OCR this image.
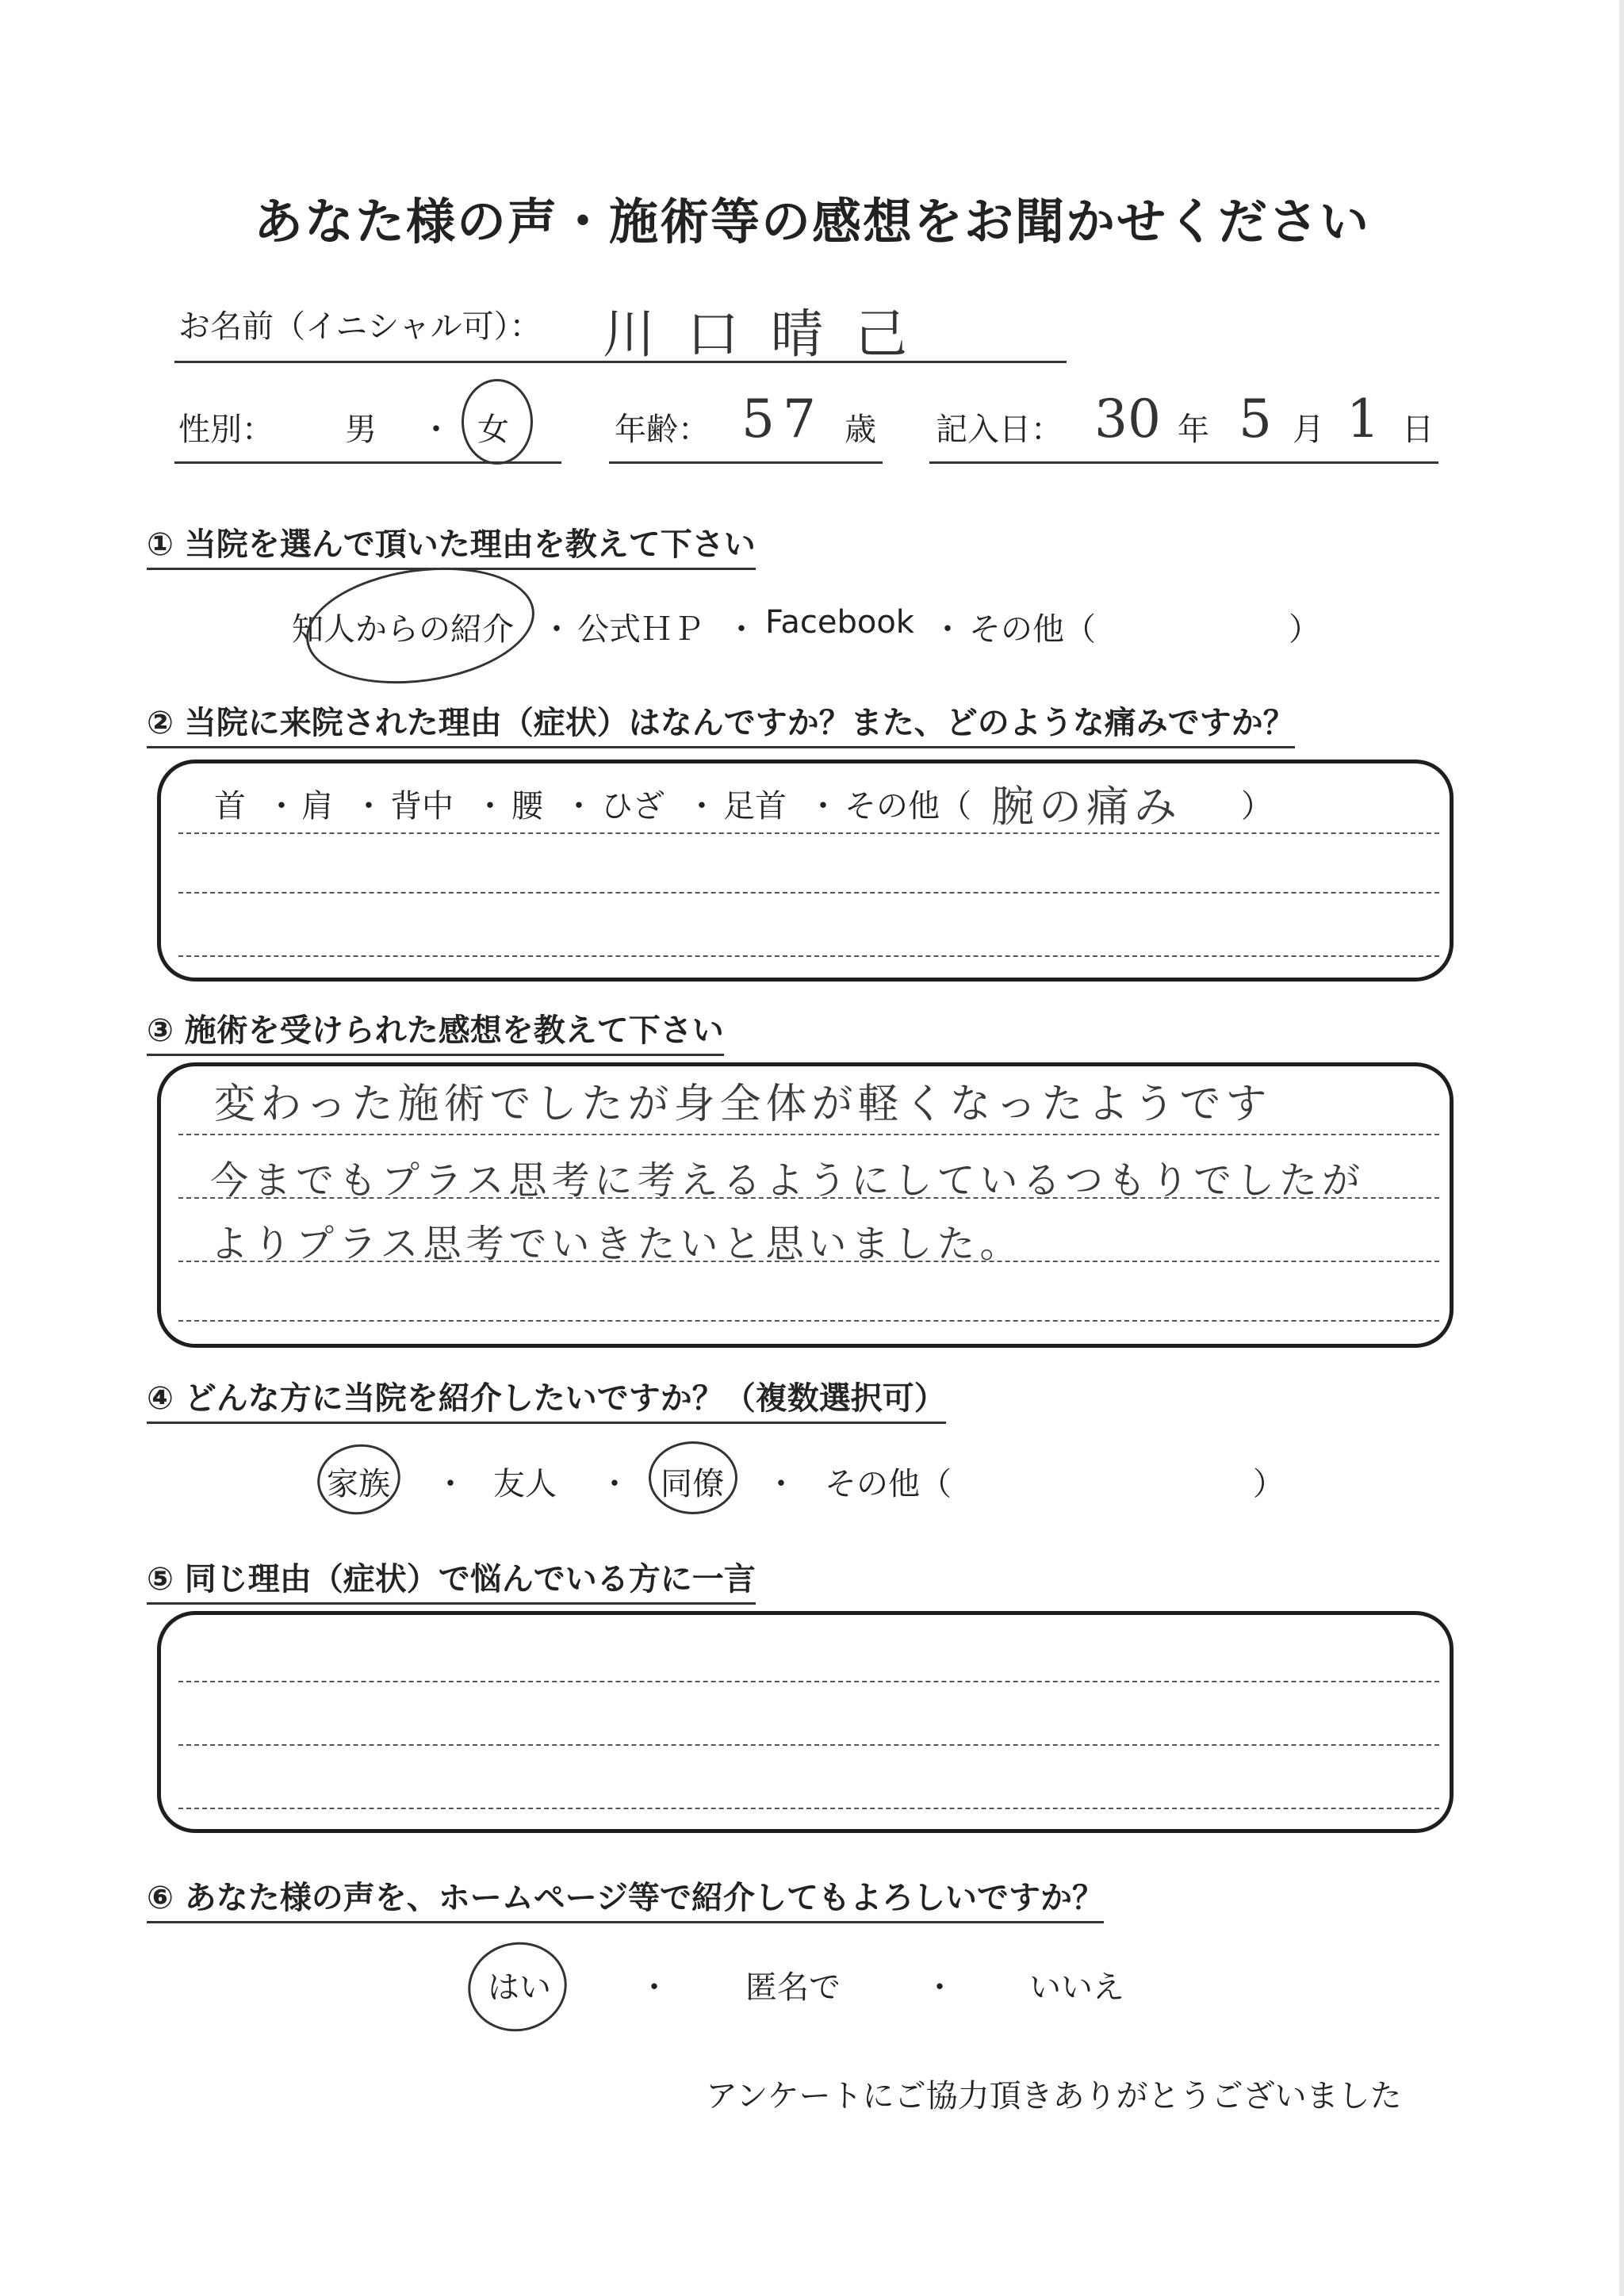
あなた様の声・施術等の感想をお聞かせください
お名前（イニシャル可）： 川口晴己
性別： 男 ・ 女	年齢： 57 歳 記入日： 30 年 5 月 1 日
① 当院を選んで頂いた理由を教えて下さい
知人からの紹介 ・ 公式ＨＰ ・ Facebook ・ その他（	）
② 当院に来院された理由（症状）はなんですか？また、どのような痛みですか？
首 ・ 肩 ・ 背中 ・ 腰 ・ ひざ ・ 足首 ・ その他（ 腕の痛み ）
③ 施術を受けられた感想を教えて下さい
変わった施術でしたが身全体が軽くなったようです
今までもプラス思考に考えるようにしているつもりでしたが
よりプラス思考でいきたいと思いました。
④ どんな方に当院を紹介したいですか？（複数選択可）
家族 ・ 友人 ・ 同僚 ・ その他（	）
⑤ 同じ理由（症状）で悩んでいる方に一言
⑥ あなた様の声を、ホームページ等で紹介してもよろしいですか？
はい	・ 匿名で	・ いいえ
アンケートにご協力頂きありがとうございました
